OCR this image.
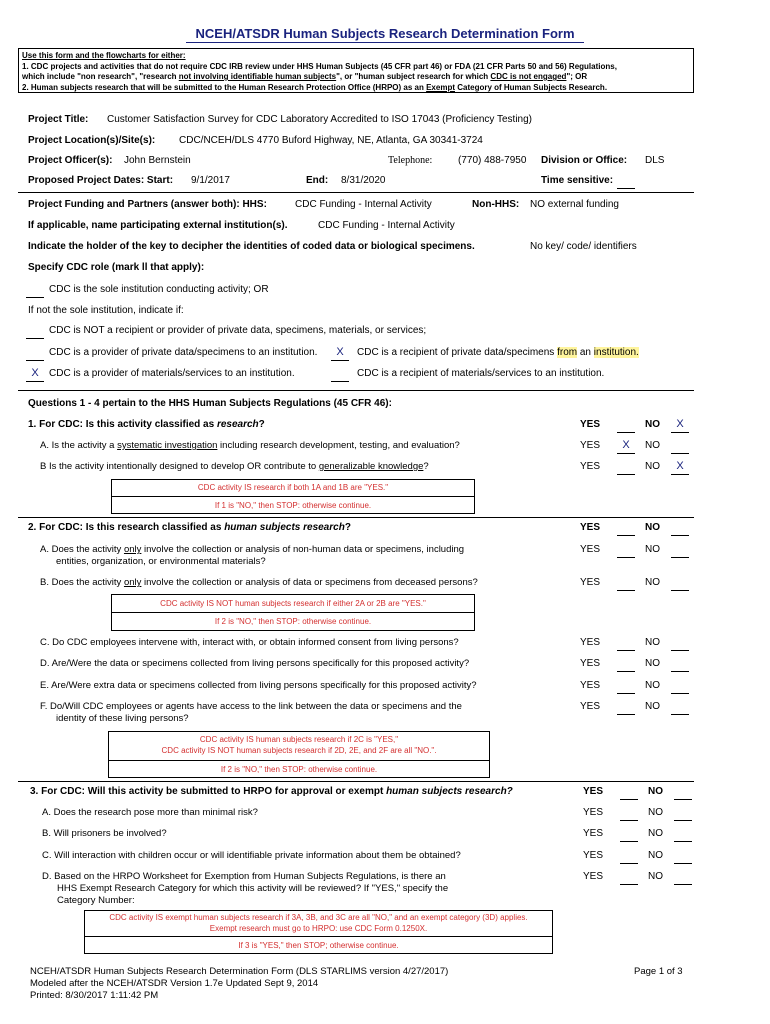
NCEH/ATSDR Human Subjects Research Determination Form
Use this form and the flowcharts for either:
1. CDC projects and activities that do not require CDC IRB review under HHS Human Subjects (45 CFR part 46) or FDA (21 CFR Parts 50 and 56) Regulations,
which include "non research", "research not involving identifiable human subjects", or "human subject research for which CDC is not engaged"; OR
2. Human subjects research that will be submitted to the Human Research Protection Office (HRPO) as an Exempt Category of Human Subjects Research.
Project Title: Customer Satisfaction Survey for CDC Laboratory Accredited to ISO 17043 (Proficiency Testing)
Project Location(s)/Site(s): CDC/NCEH/DLS 4770 Buford Highway, NE, Atlanta, GA 30341-3724
Project Officer(s): John Bernstein	Telephone:	(770) 488-7950 Division or Office: DLS
Proposed Project Dates: Start: 9/1/2017	End: 8/31/2020	Time sensitive:
Project Funding and Partners (answer both): HHS:	CDC Funding - Internal Activity	Non-HHS: NO external funding
If applicable, name participating external institution(s).	CDC Funding - Internal Activity
Indicate the holder of the key to decipher the identities of coded data or biological specimens.	No key/ code/ identifiers
Specify CDC role (mark ll that apply):
CDC is the sole institution conducting activity; OR
If not the sole institution, indicate if:
CDC is NOT a recipient or provider of private data, specimens, materials, or services;
CDC is a provider of private data/specimens to an institution.	X	CDC is a recipient of private data/specimens from an institution.
X	CDC is a provider of materials/services to an institution.	CDC is a recipient of materials/services to an institution.
Questions 1 - 4 pertain to the HHS Human Subjects Regulations (45 CFR 46):
1. For CDC: Is this activity classified as research?	YES	NO	X
A. Is the activity a systematic investigation including research development, testing, and evaluation?	YES	X	NO
B Is the activity intentionally designed to develop OR contribute to generalizable knowledge?	YES	NO	X
CDC activity IS research if both 1A and 1B are "YES."
If 1 is "NO," then STOP: otherwise continue.
2. For CDC: Is this research classified as human subjects research?	YES	NO
A. Does the activity only involve the collection or analysis of non-human data or specimens, including
entities, organization, or environmental materials?
YES	NO
B. Does the activity only involve the collection or analysis of data or specimens from deceased persons?	YES	NO
CDC activity IS NOT human subjects research if either 2A or 2B are "YES."
If 2 is "NO," then STOP: otherwise continue.
C. Do CDC employees intervene with, interact with, or obtain informed consent from living persons?	YES	NO
D. Are/Were the data or specimens collected from living persons specifically for this proposed activity?	YES	NO
E. Are/Were extra data or specimens collected from living persons specifically for this proposed activity?	YES	NO
F. Do/Will CDC employees or agents have access to the link between the data or specimens and the
identity of these living persons?
YES	NO
CDC activity IS human subjects research if 2C is "YES,"
CDC activity IS NOT human subjects research if 2D, 2E, and 2F are all "NO.".
If 2 is "NO," then STOP: otherwise continue.
3. For CDC: Will this activity be submitted to HRPO for approval or exempt human subjects research?	YES	NO
A. Does the research pose more than minimal risk?	YES	NO
B. Will prisoners be involved?	YES	NO
C. Will interaction with children occur or will identifiable private information about them be obtained?	YES	NO
D. Based on the HRPO Worksheet for Exemption from Human Subjects Regulations, is there an
HHS Exempt Research Category for which this activity will be reviewed? If "YES," specify the
Category Number:
YES	NO
CDC activity IS exempt human subjects research if 3A, 3B, and 3C are all "NO," and an exempt category (3D) applies.
Exempt research must go to HRPO: use CDC Form 0.1250X.
If 3 is "YES," then STOP; otherwise continue.
NCEH/ATSDR Human Subjects Research Determination Form (DLS STARLIMS version 4/27/2017)
Modeled after the NCEH/ATSDR Version 1.7e Updated Sept 9, 2014
Printed: 8/30/2017 1:11:42 PM
Page 1 of 3
